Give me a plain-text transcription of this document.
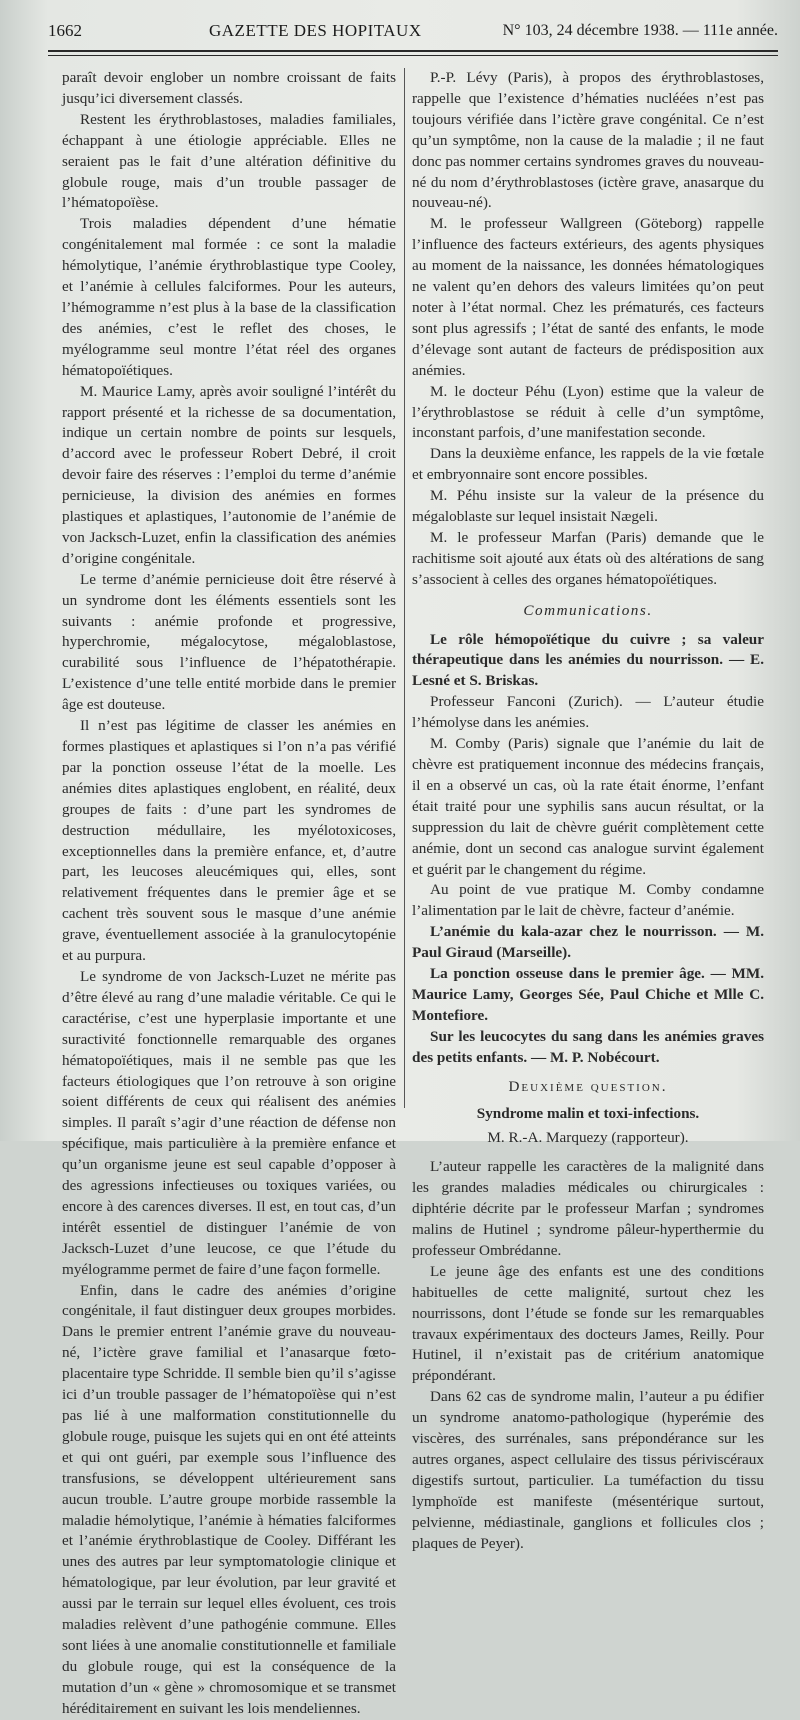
1662	GAZETTE DES HOPITAUX	N° 103, 24 décembre 1938. — 111e année.

paraît devoir englober un nombre croissant de faits jusqu’ici diversement classés.

Restent les érythroblastoses, maladies familiales, échappant à une étiologie appréciable. Elles ne seraient pas le fait d’une altération définitive du globule rouge, mais d’un trouble passager de l’hématopoïèse.

Trois maladies dépendent d’une hématie congénitalement mal formée : ce sont la maladie hémolytique, l’anémie érythroblastique type Cooley, et l’anémie à cellules falciformes. Pour les auteurs, l’hémogramme n’est plus à la base de la classification des anémies, c’est le reflet des choses, le myélogramme seul montre l’état réel des organes hématopoïétiques.

M. Maurice Lamy, après avoir souligné l’intérêt du rapport présenté et la richesse de sa documentation, indique un certain nombre de points sur lesquels, d’accord avec le professeur Robert Debré, il croit devoir faire des réserves : l’emploi du terme d’anémie pernicieuse, la division des anémies en formes plastiques et aplastiques, l’autonomie de l’anémie de von Jacksch-Luzet, enfin la classification des anémies d’origine congénitale.

Le terme d’anémie pernicieuse doit être réservé à un syndrome dont les éléments essentiels sont les suivants : anémie profonde et progressive, hyperchromie, mégalocytose, mégaloblastose, curabilité sous l’influence de l’hépatothérapie. L’existence d’une telle entité morbide dans le premier âge est douteuse.

Il n’est pas légitime de classer les anémies en formes plastiques et aplastiques si l’on n’a pas vérifié par la ponction osseuse l’état de la moelle. Les anémies dites aplastiques englobent, en réalité, deux groupes de faits : d’une part les syndromes de destruction médullaire, les myélotoxicoses, exceptionnelles dans la première enfance, et, d’autre part, les leucoses aleucémiques qui, elles, sont relativement fréquentes dans le premier âge et se cachent très souvent sous le masque d’une anémie grave, éventuellement associée à la granulocytopénie et au purpura.

Le syndrome de von Jacksch-Luzet ne mérite pas d’être élevé au rang d’une maladie véritable. Ce qui le caractérise, c’est une hyperplasie importante et une suractivité fonctionnelle remarquable des organes hématopoïétiques, mais il ne semble pas que les facteurs étiologiques que l’on retrouve à son origine soient différents de ceux qui réalisent des anémies simples. Il paraît s’agir d’une réaction de défense non spécifique, mais particulière à la première enfance et qu’un organisme jeune est seul capable d’opposer à des agressions infectieuses ou toxiques variées, ou encore à des carences diverses. Il est, en tout cas, d’un intérêt essentiel de distinguer l’anémie de von Jacksch-Luzet d’une leucose, ce que l’étude du myélogramme permet de faire d’une façon formelle.

Enfin, dans le cadre des anémies d’origine congénitale, il faut distinguer deux groupes morbides. Dans le premier entrent l’anémie grave du nouveau-né, l’ictère grave familial et l’anasarque fœto-placentaire type Schridde. Il semble bien qu’il s’agisse ici d’un trouble passager de l’hématopoïèse qui n’est pas lié à une malformation constitutionnelle du globule rouge, puisque les sujets qui en ont été atteints et qui ont guéri, par exemple sous l’influence des transfusions, se développent ultérieurement sans aucun trouble. L’autre groupe morbide rassemble la maladie hémolytique, l’anémie à hématies falciformes et l’anémie érythroblastique de Cooley. Différant les unes des autres par leur symptomatologie clinique et hématologique, par leur évolution, par leur gravité et aussi par le terrain sur lequel elles évoluent, ces trois maladies relèvent d’une pathogénie commune. Elles sont liées à une anomalie constitutionnelle et familiale du globule rouge, qui est la conséquence de la mutation d’un « gène » chromosomique et se transmet héréditairement en suivant les lois mendeliennes.

P.-P. Lévy (Paris), à propos des érythroblastoses, rappelle que l’existence d’hématies nucléées n’est pas toujours vérifiée dans l’ictère grave congénital. Ce n’est qu’un symptôme, non la cause de la maladie ; il ne faut donc pas nommer certains syndromes graves du nouveau-né du nom d’érythroblastoses (ictère grave, anasarque du nouveau-né).

M. le professeur Wallgreen (Göteborg) rappelle l’influence des facteurs extérieurs, des agents physiques au moment de la naissance, les données hématologiques ne valent qu’en dehors des valeurs limitées qu’on peut noter à l’état normal. Chez les prématurés, ces facteurs sont plus agressifs ; l’état de santé des enfants, le mode d’élevage sont autant de facteurs de prédisposition aux anémies.

M. le docteur Péhu (Lyon) estime que la valeur de l’érythroblastose se réduit à celle d’un symptôme, inconstant parfois, d’une manifestation seconde.

Dans la deuxième enfance, les rappels de la vie fœtale et embryonnaire sont encore possibles.

M. Péhu insiste sur la valeur de la présence du mégaloblaste sur lequel insistait Nægeli.

M. le professeur Marfan (Paris) demande que le rachitisme soit ajouté aux états où des altérations de sang s’associent à celles des organes hématopoïétiques.

Communications.

Le rôle hémopoïétique du cuivre ; sa valeur thérapeutique dans les anémies du nourrisson. — E. Lesné et S. Briskas.

Professeur Fanconi (Zurich). — L’auteur étudie l’hémolyse dans les anémies.

M. Comby (Paris) signale que l’anémie du lait de chèvre est pratiquement inconnue des médecins français, il en a observé un cas, où la rate était énorme, l’enfant était traité pour une syphilis sans aucun résultat, or la suppression du lait de chèvre guérit complètement cette anémie, dont un second cas analogue survint également et guérit par le changement du régime.

Au point de vue pratique M. Comby condamne l’alimentation par le lait de chèvre, facteur d’anémie.

L’anémie du kala-azar chez le nourrisson. — M. Paul Giraud (Marseille).

La ponction osseuse dans le premier âge. — MM. Maurice Lamy, Georges Sée, Paul Chiche et Mlle C. Montefiore.

Sur les leucocytes du sang dans les anémies graves des petits enfants. — M. P. Nobécourt.

Deuxième question.

Syndrome malin et toxi-infections.

M. R.-A. Marquezy (rapporteur).

L’auteur rappelle les caractères de la malignité dans les grandes maladies médicales ou chirurgicales : diphtérie décrite par le professeur Marfan ; syndromes malins de Hutinel ; syndrome pâleur-hyperthermie du professeur Ombrédanne.

Le jeune âge des enfants est une des conditions habituelles de cette malignité, surtout chez les nourrissons, dont l’étude se fonde sur les remarquables travaux expérimentaux des docteurs James, Reilly. Pour Hutinel, il n’existait pas de critérium anatomique prépondérant.

Dans 62 cas de syndrome malin, l’auteur a pu édifier un syndrome anatomo-pathologique (hyperémie des viscères, des surrénales, sans prépondérance sur les autres organes, aspect cellulaire des tissus périviscéraux digestifs surtout, particulier. La tuméfaction du tissu lymphoïde est manifeste (mésentérique surtout, pelvienne, médiastinale, ganglions et follicules clos ; plaques de Peyer).
